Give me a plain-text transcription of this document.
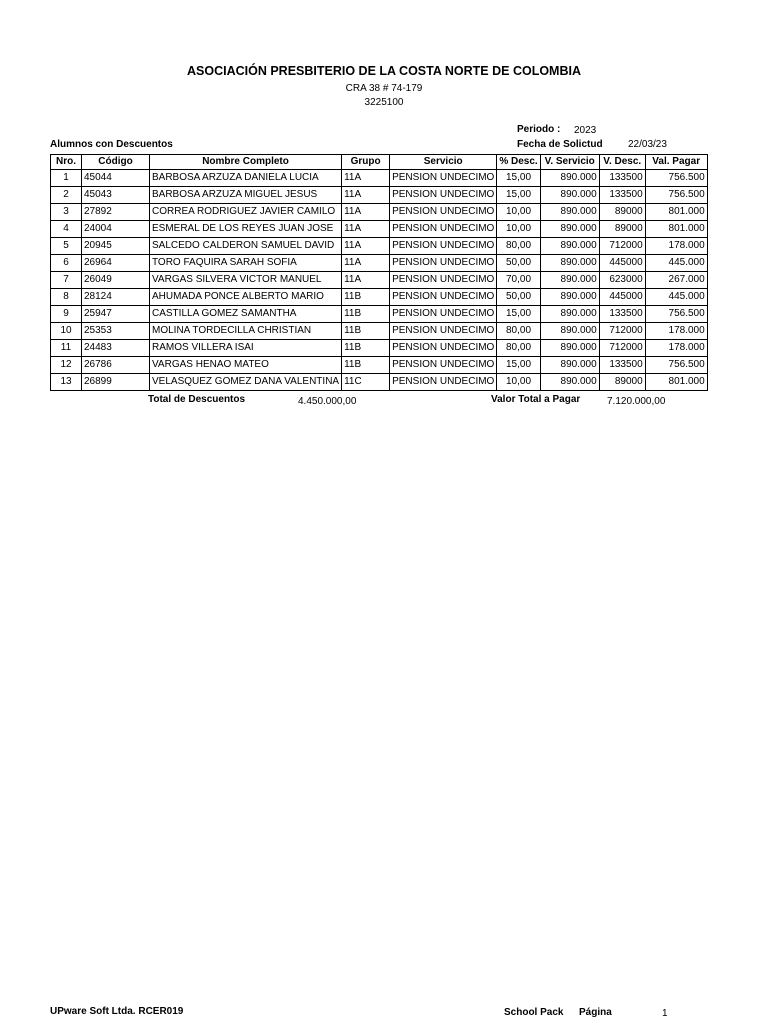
ASOCIACIÓN PRESBITERIO DE LA COSTA NORTE DE COLOMBIA
CRA 38 # 74-179
3225100
Periodo : 2023
Alumnos con Descuentos	Fecha de Solictud	22/03/23
Nro.	Código	Nombre Completo	Grupo	Servicio	% Desc.	V. Servicio	V. Desc.	Val. Pagar
1	45044	BARBOSA ARZUZA DANIELA LUCIA	11A	PENSION UNDECIMO	15,00	890.000	133500	756.500
2	45043	BARBOSA ARZUZA MIGUEL JESUS	11A	PENSION UNDECIMO	15,00	890.000	133500	756.500
3	27892	CORREA RODRIGUEZ JAVIER CAMILO	11A	PENSION UNDECIMO	10,00	890.000	89000	801.000
4	24004	ESMERAL DE LOS REYES JUAN JOSE	11A	PENSION UNDECIMO	10,00	890.000	89000	801.000
5	20945	SALCEDO CALDERON SAMUEL DAVID	11A	PENSION UNDECIMO	80,00	890.000	712000	178.000
6	26964	TORO FAQUIRA SARAH SOFIA	11A	PENSION UNDECIMO	50,00	890.000	445000	445.000
7	26049	VARGAS SILVERA VICTOR MANUEL	11A	PENSION UNDECIMO	70,00	890.000	623000	267.000
8	28124	AHUMADA PONCE ALBERTO MARIO	11B	PENSION UNDECIMO	50,00	890.000	445000	445.000
9	25947	CASTILLA GOMEZ SAMANTHA	11B	PENSION UNDECIMO	15,00	890.000	133500	756.500
10	25353	MOLINA TORDECILLA CHRISTIAN	11B	PENSION UNDECIMO	80,00	890.000	712000	178.000
11	24483	RAMOS VILLERA ISAI	11B	PENSION UNDECIMO	80,00	890.000	712000	178.000
12	26786	VARGAS HENAO MATEO	11B	PENSION UNDECIMO	15,00	890.000	133500	756.500
13	26899	VELASQUEZ GOMEZ DANA VALENTINA	11C	PENSION UNDECIMO	10,00	890.000	89000	801.000
Total de Descuentos	4.450.000,00	Valor Total a Pagar	7.120.000,00
UPware Soft Ltda. RCER019	School Pack Página	1
